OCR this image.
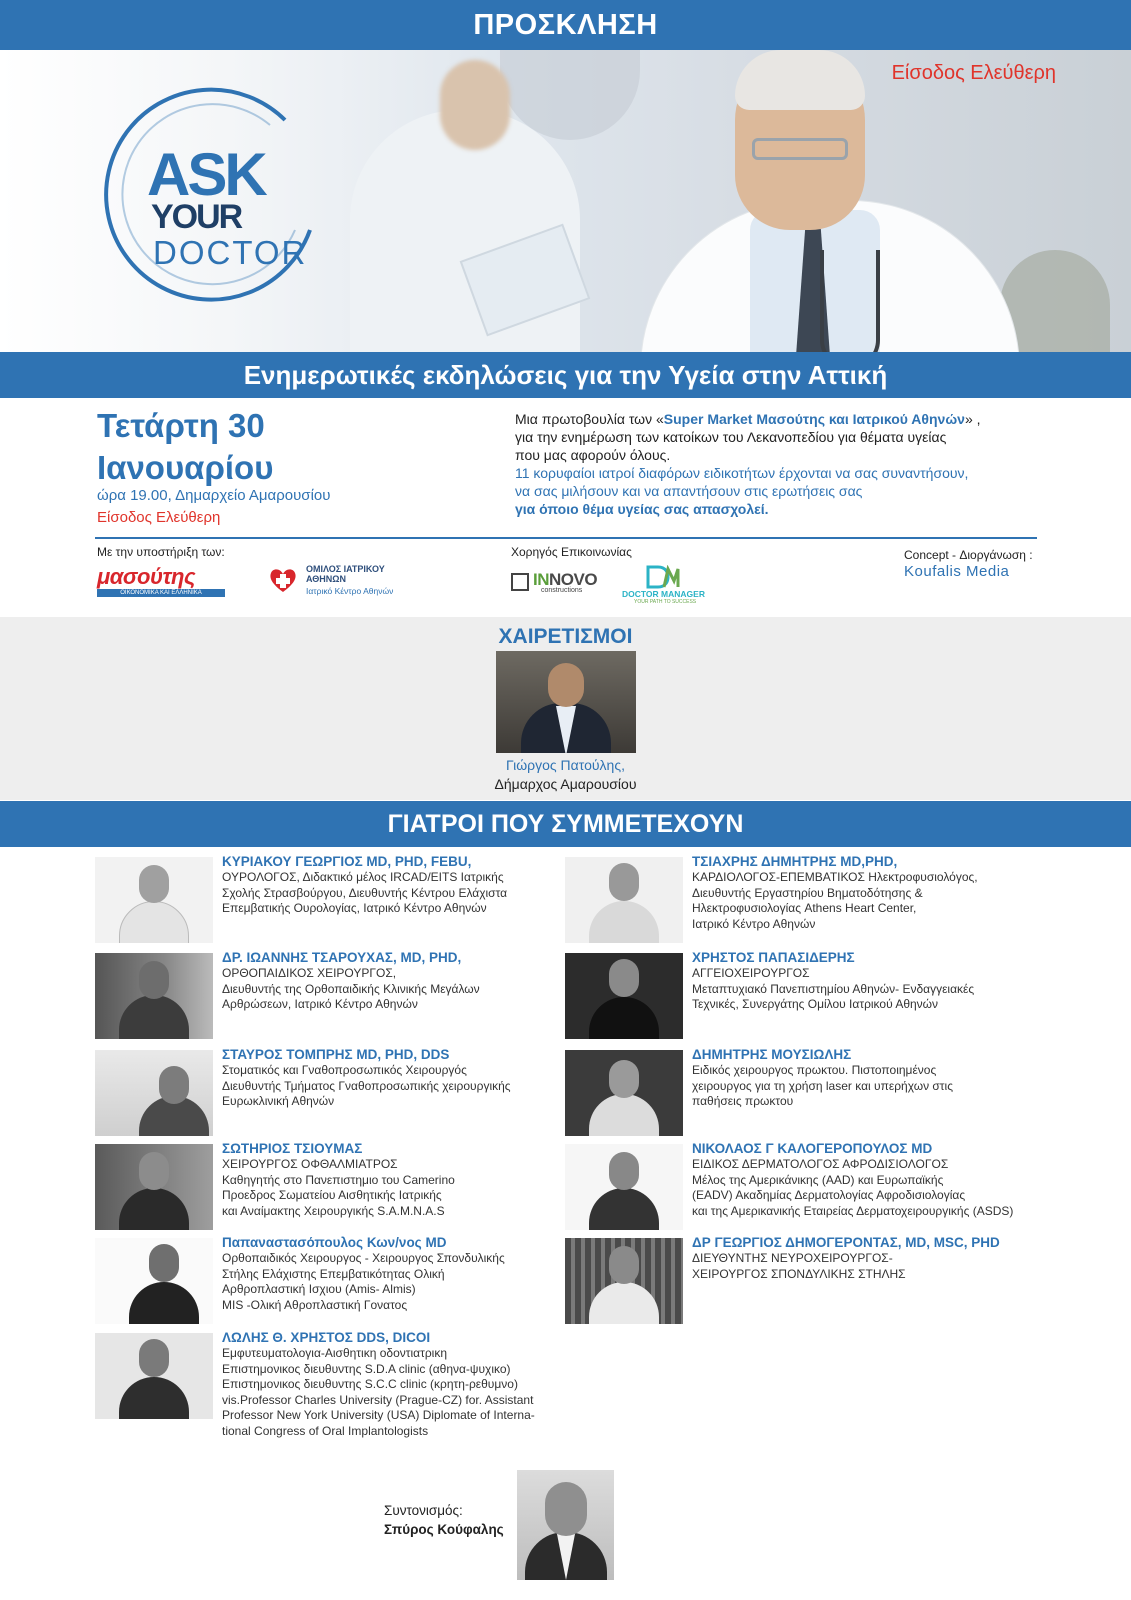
ΠΡΟΣΚΛΗΣΗ
ASK
YOUR
DOCTOR
Είσοδος Ελεύθερη
Ενημερωτικές εκδηλώσεις για την Υγεία στην Αττική
Τετάρτη 30
Ιανουαρίου
ώρα 19.00, Δημαρχείο Αμαρουσίου
Είσοδος Ελεύθερη
Μια πρωτοβουλία των «Super Market Μασούτης και Ιατρικού Αθηνών» ,
για την ενημέρωση των κατοίκων του Λεκανοπεδίου για θέματα υγείας
που μας αφορούν όλους.
11 κορυφαίοι ιατροί διαφόρων ειδικοτήτων έρχονται να σας συναντήσουν,
να σας μιλήσουν και να απαντήσουν στις ερωτήσεις σας
για όποιο θέμα υγείας σας απασχολεί.
Με την υποστήριξη των:	Χορηγός Επικοινωνίας	Concept - Διοργάνωση :
Koufalis Media
μασούτης
ΟΙΚΟΝΟΜΙΚΑ ΚΑΙ ΕΛΛΗΝΙΚΑ
ΟΜΙΛΟΣ ΙΑΤΡΙΚΟΥ
ΑΘΗΝΩΝ
Ιατρικό Κέντρο Αθηνών
INNOVO
constructions	DOCTOR MANAGER
YOUR PATH TO SUCCESS
ΧΑΙΡΕΤΙΣΜΟΙ
Γιώργος Πατούλης,
Δήμαρχος Αμαρουσίου
ΓΙΑΤΡΟΙ ΠΟΥ ΣΥΜΜΕΤΕΧΟΥΝ
ΚΥΡΙΑΚΟΥ ΓΕΩΡΓΙΟΣ MD, PHD, FEBU,
ΟΥΡΟΛΟΓΟΣ, Διδακτικό μέλος IRCAD/EITS Ιατρικής
Σχολής Στρασβούργου, Διευθυντής Κέντρου Ελάχιστα
Επεμβατικής Ουρολογίας, Ιατρικό Κέντρο Αθηνών
ΤΣΙΑΧΡΗΣ ΔΗΜΗΤΡΗΣ MD,PHD,
ΚΑΡΔΙΟΛΟΓΟΣ-ΕΠΕΜΒΑΤΙΚΟΣ Ηλεκτροφυσιολόγος,
Διευθυντής Εργαστηρίου Βηματοδότησης &
Ηλεκτροφυσιολογίας Athens Heart Center,
Ιατρικό Κέντρο Αθηνών
ΔΡ. ΙΩΑΝΝΗΣ ΤΣΑΡΟΥΧΑΣ, MD, PHD,
ΟΡΘΟΠΑΙΔΙΚΟΣ ΧΕΙΡΟΥΡΓΟΣ,
Διευθυντής της Ορθοπαιδικής Κλινικής Μεγάλων
Αρθρώσεων, Ιατρικό Κέντρο Αθηνών
ΧΡΗΣΤΟΣ ΠΑΠΑΣΙΔΕΡΗΣ
ΑΓΓΕΙΟΧΕΙΡΟΥΡΓΟΣ
Μεταπτυχιακό Πανεπιστημίου Αθηνών- Ενδαγγειακές
Τεχνικές, Συνεργάτης Ομίλου Ιατρικού Αθηνών
ΣΤΑΥΡΟΣ ΤΟΜΠΡΗΣ MD, PHD, DDS
Στοματικός και Γναθοπροσωπικός Χειρουργός
Διευθυντής Τμήματος Γναθοπροσωπικής χειρουργικής
Ευρωκλινική Αθηνών
ΔΗΜΗΤΡΗΣ ΜΟΥΣΙΩΛΗΣ
Ειδικός χειρουργος πρωκτου. Πιστοποιημένος
χειρουργος για τη χρήση laser και υπερήχων στις
παθήσεις πρωκτου
ΣΩΤΗΡΙΟΣ ΤΣΙΟΥΜΑΣ
ΧΕΙΡΟΥΡΓΟΣ ΟΦΘΑΛΜΙΑΤΡΟΣ
Καθηγητής στο Πανεπιστημιο του Camerino
Προεδρος Σωματείου Αισθητικής Ιατρικής
και Αναίμακτης Χειρουργικής S.A.M.N.A.S
ΝΙΚΟΛΑΟΣ Γ ΚΑΛΟΓΕΡΟΠΟΥΛΟΣ MD
ΕΙΔΙΚΟΣ ΔΕΡΜΑΤΟΛΟΓΟΣ ΑΦΡΟΔΙΣΙΟΛΟΓΟΣ
Μέλος της Αμερικάνικης (AAD) και Ευρωπαϊκής
(EADV) Ακαδημίας Δερματολογίας Αφροδισιολογίας
και της Αμερικανικής Εταιρείας Δερματοχειρουργικής (ASDS)
Παπαναστασόπουλος Κων/νος MD
Ορθοπαιδικός Χειρουργος - Χειρουργος Σπονδυλικής
Στήλης Ελάχιστης Επεμβατικότητας Ολική
Αρθροπλαστική Ισχιου (Amis- Almis)
MIS -Ολική Αθροπλαστική Γονατος
ΔΡ ΓΕΩΡΓΙΟΣ ΔΗΜΟΓΕΡΟΝΤΑΣ, MD, MSC, PHD
ΔΙΕΥΘΥΝΤΗΣ ΝΕΥΡΟΧΕΙΡΟΥΡΓΟΣ-
ΧΕΙΡΟΥΡΓΟΣ ΣΠΟΝΔΥΛΙΚΗΣ ΣΤΗΛΗΣ
ΛΩΛΗΣ Θ. ΧΡΗΣΤΟΣ DDS, DICOI
Εμφυτευματολογια-Αισθητικη οδοντιατρικη
Επιστημονικος διευθυντης S.D.A clinic (αθηνα-ψυχικο)
Επιστημονικος διευθυντης S.C.C clinic (κρητη-ρεθυμνο)
vis.Professor Charles University (Prague-CZ) for. Assistant
Professor New York University (USA) Diplomate of Interna-
tional Congress of Oral Implantologists
Συντονισμός:
Σπύρος Κούφαλης
